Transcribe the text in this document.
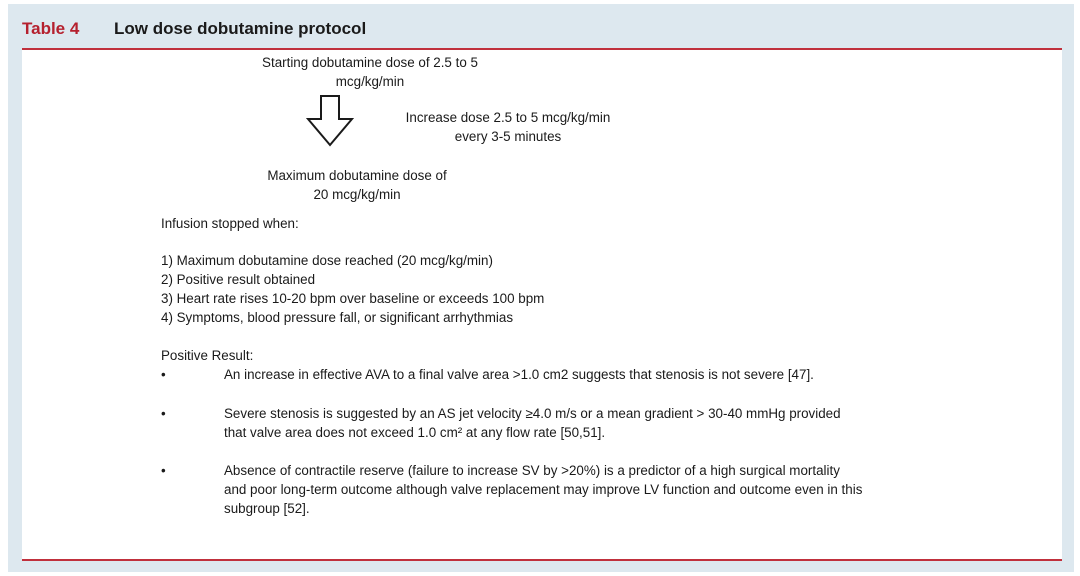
Table 4	Low dose dobutamine protocol
Starting dobutamine dose of 2.5 to 5
mcg/kg/min
Increase dose 2.5 to 5 mcg/kg/min
every 3-5 minutes
Maximum dobutamine dose of
20 mcg/kg/min
Infusion stopped when:
1) Maximum dobutamine dose reached (20 mcg/kg/min)
2) Positive result obtained
3) Heart rate rises 10-20 bpm over baseline or exceeds 100 bpm
4) Symptoms, blood pressure fall, or significant arrhythmias
Positive Result:
•	An increase in effective AVA to a final valve area >1.0 cm2 suggests that stenosis is not severe [47].
•	Severe stenosis is suggested by an AS jet velocity ≥4.0 m/s or a mean gradient > 30-40 mmHg provided
that valve area does not exceed 1.0 cm² at any flow rate [50,51].
•	Absence of contractile reserve (failure to increase SV by >20%) is a predictor of a high surgical mortality
and poor long-term outcome although valve replacement may improve LV function and outcome even in this
subgroup [52].
